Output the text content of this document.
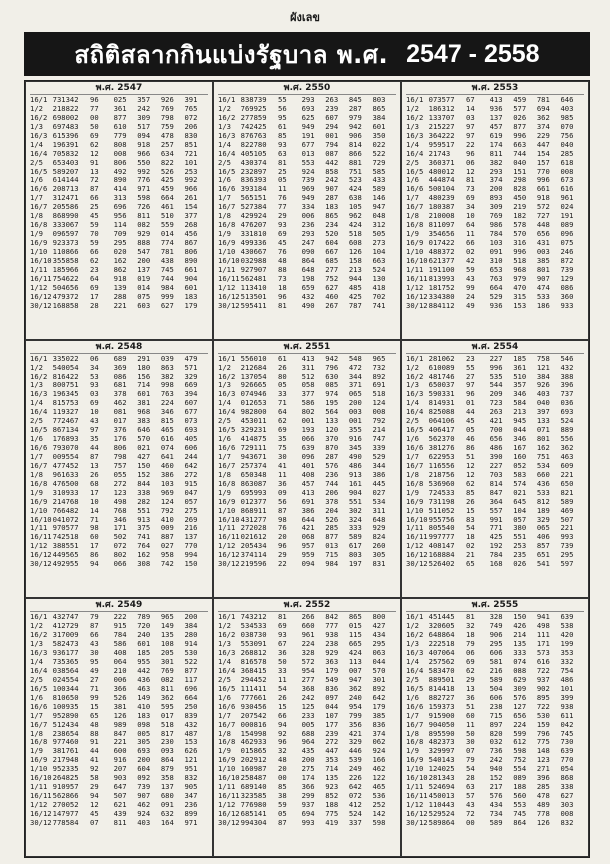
ผังเลข
สถิติสลากกินแบ่งรัฐบาล พ.ศ. 2547 - 2558
พ.ศ. 2547
16/1 731342	96	025	357	926	391
1/2	218822	77	361	242	769	765
16/2 698002	00	877	309	798	072
1/3	697483	50	610	517	759	206
16/3 615396	69	779	094	478	830
1/4	196391	62	808	918	257	851
16/4 705832	12	008	966	634	721
2/5	653403	91	806	550	822	101
16/5 589207	13	492	992	526	253
1/6	614144	72	890	776	425	992
16/6 208713	87	414	971	459	966
1/7	312471	66	313	598	664	261
16/7 205586	25	696	726	461	154
1/8	868990	45	956	811	510	377
16/8 333067	59	114	082	559	268
1/9	096597	70	709	929	014	456
16/9 923373	59	295	888	774	867
1/10 110866	66	020	547	781	806
16/10 355858	62	162	200	438	890
1/11 185966	23	862	137	745	661
16/11 754622	64	918	019	744	904
1/12 504656	69	139	014	984	601
16/12 479372	17	288	075	999	183
30/12 168858	28	221	603	627	179
พ.ศ. 2550
16/1 838739	55	293	263	845	803
1/2	769925	56	693	239	287	865
16/2 277859	95	625	607	979	384
1/3	742425	61	949	294	942	601
16/3 876763	85	191	001	906	350
1/4	822780	93	677	794	814	022
16/4 405105	63	013	087	866	522
2/5	430374	81	553	442	881	729
16/5 232897	25	924	858	751	585
1/6	836393	05	739	242	523	433
16/6 393184	11	969	907	424	589
1/7	565151	76	949	287	638	146
16/7 527384	77	334	183	105	947
1/8	429924	29	006	865	962	048
16/8 476207	93	236	234	424	312
1/9	331810	69	293	520	518	505
16/9 499336	45	247	604	608	273
1/10 430667	76	090	667	126	104
16/10 032988	48	864	685	158	663
1/11 927907	88	648	277	213	524
16/11 562481	73	198	752	944	130
1/12 113410	18	659	627	485	418
16/12 513501	96	432	460	425	702
30/12 595411	81	490	267	787	741
พ.ศ. 2553
16/1 073577	67	413	459	781	646
1/2	186312	14	936	577	694	403
16/2 133707	03	137	026	362	985
1/3	215227	97	457	877	374	070
16/3 364222	97	619	996	229	756
1/4	959517	22	174	663	447	040
16/4 21743	96	811	744	154	285
2/5	360371	06	382	040	157	618
16/5 480012	12	293	151	770	008
1/6	444874	81	374	298	996	673
16/6 500104	73	200	828	661	616
1/7	480239	69	893	450	918	961
16/7 180387	34	309	219	572	024
1/8	210008	10	769	182	727	191
16/8 811097	64	986	578	448	089
1/9	354656	11	784	570	656	096
16/9 017422	66	103	316	431	075
1/10 488372	02	091	996	003	246
16/10 621377	42	310	518	385	872
1/11 191100	59	653	968	801	739
16/11 813993	43	763	979	907	129
1/12 181752	99	664	470	474	086
16/12 334380	24	529	315	533	360
30/12 884112	49	936	153	186	933
พ.ศ. 2548
16/1 335022	06	689	291	039	479
1/2	540054	34	369	180	863	571
16/2 816422	53	086	156	382	329
1/3	800751	93	681	714	998	669
16/3 196345	03	378	601	763	394
1/4	815753	69	462	381	224	607
16/4 119327	10	081	968	346	677
2/5	772467	43	017	383	815	073
16/5 867134	97	376	646	465	693
1/6	176893	35	176	570	616	405
16/6 793070	44	806	021	074	606
1/7	009554	87	798	427	641	244
16/7 477452	13	757	150	460	642
1/8	961633	26	055	152	386	272
16/8 476500	68	272	844	103	915
1/9	310933	17	123	338	969	047
16/9 214768	10	498	282	124	057
1/10 766482	14	768	551	792	275
16/10 041072	71	346	913	410	269
1/11 970577	98	171	375	009	216
16/11 742518	60	502	741	887	137
1/12 388551	17	072	764	027	770
16/12 449565	86	802	162	958	994
30/12 492955	94	066	308	742	150
พ.ศ. 2551
16/1 556010	61	413	942	548	965
1/2	212684	26	311	796	472	732
16/2 137054	80	512	630	344	892
1/3	926665	05	058	085	371	691
16/3 074946	33	377	974	065	518
1/4	012653	71	586	195	200	124
16/4 982800	64	802	564	003	008
2/5	453011	62	001	133	001	792
16/5 329231	69	193	120	355	214
1/6	414875	35	066	370	916	747
16/6 729111	75	639	870	345	339
1/7	943671	30	096	287	490	529
16/7 257374	41	401	576	486	344
1/8	650348	11	408	236	913	386
16/8 863087	36	457	744	161	445
1/9	695993	09	413	206	904	027
16/9 012377	56	691	378	551	534
1/10 868911	87	386	204	302	311
16/10 431277	98	644	526	324	648
1/11 272028	76	421	285	333	929
16/11 021612	20	068	877	589	824
1/12 205434	96	957	013	617	260
16/12 374114	29	959	715	803	305
30/12 219596	22	094	984	197	831
พ.ศ. 2554
16/1 281062	23	227	185	758	546
1/2	610089	55	996	361	121	432
16/2 481746	27	535	510	384	388
1/3	650037	97	544	357	926	396
16/3 590331	96	209	346	403	737
1/4	814931	01	723	584	040	036
16/4 825088	44	263	213	397	693
2/5	064106	45	421	945	133	524
16/5 406417	05	700	044	071	889
1/6	562370	46	656	346	801	556
16/6 381276	86	486	167	162	362
1/7	622953	51	390	160	751	463
16/7 116556	12	227	052	534	609
1/8	218756	12	703	583	660	221
16/8 536960	62	814	574	436	650
1/9	724533	85	847	021	533	821
16/9 731198	26	364	645	812	589
1/10 511052	15	557	104	189	469
16/10 955756	83	991	057	329	507
1/11 805540	54	771	380	065	221
16/11 997777	18	425	551	406	993
1/12 408147	02	192	253	857	739
16/12 168884	21	784	235	651	295
30/12 526402	65	168	026	541	597
พ.ศ. 2549
16/1 432747	79	222	789	965	200
1/2	412729	87	915	720	149	384
16/2 317009	66	784	240	135	280
1/3	582473	43	586	601	108	914
16/3 936177	30	408	185	205	530
1/4	735365	95	064	955	301	522
16/4 038564	49	210	442	769	877
2/5	024554	27	006	436	082	117
16/5 100344	71	366	463	811	696
1/6	810650	99	526	149	362	664
16/6 100935	15	381	410	595	250
1/7	952890	65	126	183	017	839
16/7 512434	48	989	098	518	432
1/8	238654	88	847	005	817	487
16/8 977460	91	221	305	230	153
1/9	381761	44	600	693	093	626
16/9 217948	41	916	200	864	121
1/10 952335	92	207	604	879	951
16/10 264825	58	903	092	358	832
1/11 910957	29	647	739	137	905
16/11 562866	94	507	907	680	347
1/12 270052	12	621	462	091	236
16/12 147977	45	439	924	632	899
30/12 778584	07	811	403	164	971
พ.ศ. 2552
16/1 743212	81	266	842	865	800
1/2	534533	69	660	777	015	427
16/2 038730	93	961	938	115	434
1/3	553091	67	224	238	665	295
16/3 268812	36	328	929	424	063
1/4	816578	50	572	363	113	044
16/4 368415	33	954	179	007	570
2/5	294452	11	277	549	947	301
16/5 111411	54	368	836	362	892
1/6	777661	26	242	097	240	642
16/6 930456	15	125	044	954	179
1/7	207542	66	233	107	799	385
16/7 000816	94	005	177	356	836
1/8	154998	92	688	239	421	374
16/8 462933	96	964	272	329	062
1/9	015865	32	435	447	446	924
16/9 202912	48	200	353	539	166
1/10 160987	20	275	714	249	462
16/10 258487	00	174	135	226	122
1/11 689140	85	366	923	642	465
16/11 323585	38	299	852	072	536
1/12 776980	59	937	188	412	252
16/12 685141	05	694	775	524	142
30/12 994304	87	993	419	337	598
พ.ศ. 2555
16/1 451445	81	328	150	941	639
1/2	320605	32	749	426	498	538
16/2 648864	18	906	214	111	420
1/3	222518	79	295	135	171	199
16/3 407064	06	606	333	573	353
1/4	257562	69	581	074	616	332
16/4 583470	62	216	088	722	754
2/5	889501	29	589	629	937	486
16/5 814418	13	504	309	902	101
1/6	882727	36	606	576	895	399
16/6 159373	51	238	127	722	938
1/7	915900	60	715	656	530	611
16/7 904050	11	897	224	159	042
1/8	895590	50	820	599	796	745
16/8 482373	30	032	612	775	730
1/9	329997	07	736	598	148	639
16/9 540143	79	242	752	123	770
1/10 124025	54	940	554	271	054
16/10 281343	28	152	089	396	868
1/11 524694	63	217	188	285	338
16/11 450013	57	576	560	478	627
1/12 110443	43	434	553	489	303
16/12 529524	72	734	745	778	008
30/12 589864	00	589	864	126	832
